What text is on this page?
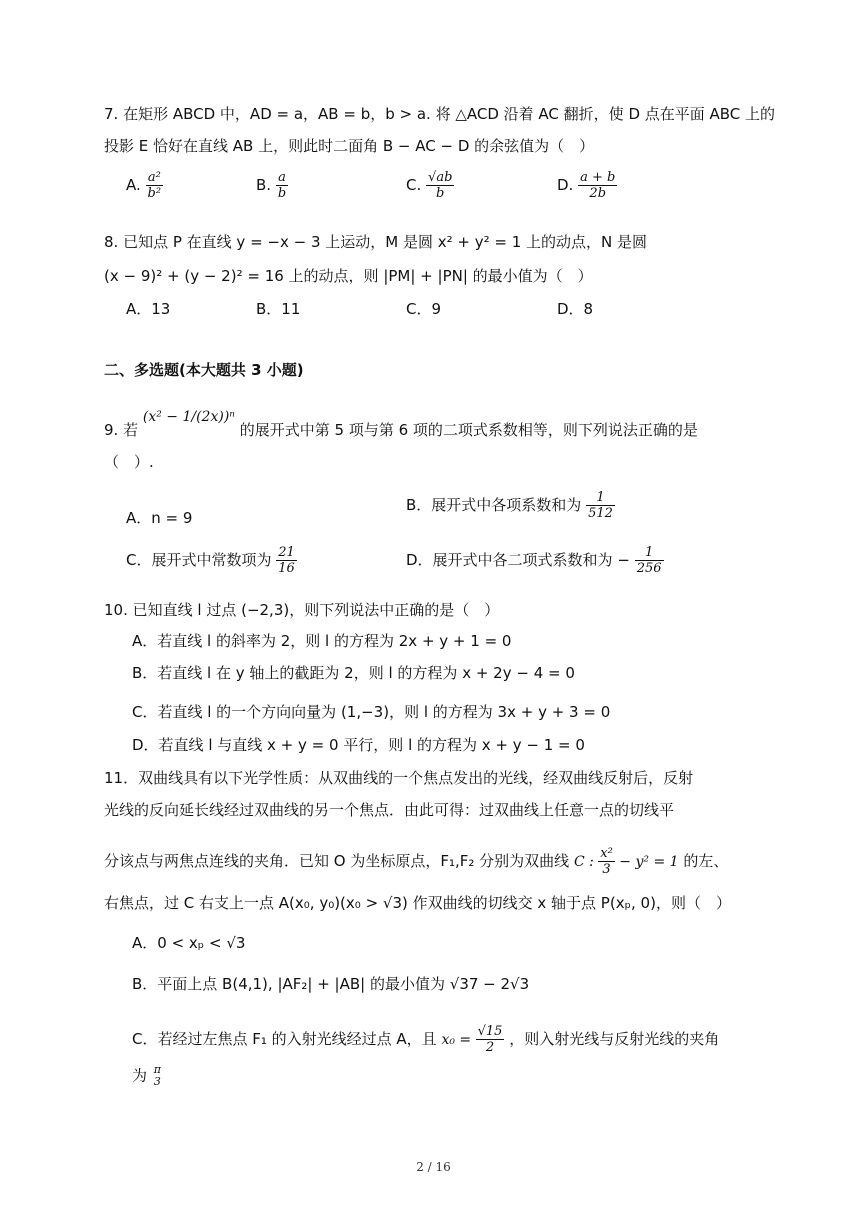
7. 在矩形 ABCD 中，AD = a，AB = b，b > a. 将 △ACD 沿着 AC 翻折，使 D 点在平面 ABC 上的
投影 E 恰好在直线 AB 上，则此时二面角 B − AC − D 的余弦值为（　）
A. $\frac{\text{a²}}{\text{b²}}$	B. $\frac{a}{b}$	C. $\frac{√ab}{b}$	D. $\frac{a + b}{2b}$
8. 已知点 P 在直线 y = −x − 3 上运动，M 是圆 x² + y² = 1 上的动点，N 是圆
(x − 9)² + (y − 2)² = 16 上的动点，则 |PM| + |PN| 的最小值为（　）
A．13	B．11	C．9	D．8
二、多选题(本大题共 3 小题)
9. 若 (x² − 1/(2x))ⁿ 的展开式中第 5 项与第 6 项的二项式系数相等，则下列说法正确的是
（　）.
A．n = 9
B．展开式中各项系数和为 $\frac{1}{512}$
C．展开式中常数项为 $\frac{21}{16}$	D．展开式中各二项式系数和为 − $\frac{1}{256}$
10. 已知直线 l 过点 (−2,3)，则下列说法中正确的是（　）
A．若直线 l 的斜率为 2，则 l 的方程为 2x + y + 1 = 0
B．若直线 l 在 y 轴上的截距为 2，则 l 的方程为 x + 2y − 4 = 0
C．若直线 l 的一个方向向量为 (1,−3)，则 l 的方程为 3x + y + 3 = 0
D．若直线 l 与直线 x + y = 0 平行，则 l 的方程为 x + y − 1 = 0
11．双曲线具有以下光学性质：从双曲线的一个焦点发出的光线，经双曲线反射后，反射
光线的反向延长线经过双曲线的另一个焦点．由此可得：过双曲线上任意一点的切线平
分该点与两焦点连线的夹角．已知 O 为坐标原点，F₁,F₂ 分别为双曲线 C : $\frac{\text{x²}}{3} - y^2 = 1$ 的左、
右焦点，过 C 右支上一点 A(x₀, y₀)(x₀ > √3) 作双曲线的切线交 x 轴于点 P(xₚ, 0)，则（　）
A．0 < xₚ < √3
B．平面上点 B(4,1), |AF₂| + |AB| 的最小值为 √37 − 2√3
C．若经过左焦点 F₁ 的入射光线经过点 A，且 $x_0 = \frac{√15}{2}$ ，则入射光线与反射光线的夹角
为 π
3
2 / 16
